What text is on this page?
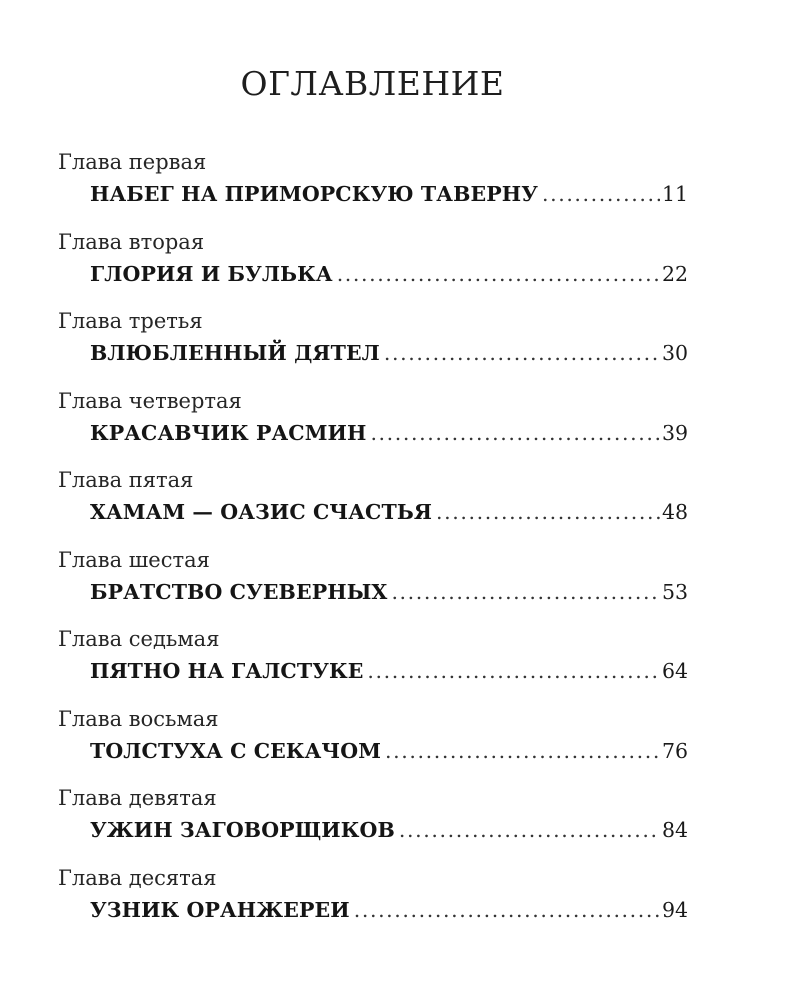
ОГЛАВЛЕНИЕ
Глава первая
НАБЕГ НА ПРИМОРСКУЮ ТАВЕРНУ .....	11
Глава вторая
ГЛОРИЯ И БУЛЬКА .....	22
Глава третья
ВЛЮБЛЕННЫЙ ДЯТЕЛ .....	30
Глава четвертая
КРАСАВЧИК РАСМИН .....	39
Глава пятая
ХАМАМ — ОАЗИС СЧАСТЬЯ .....	48
Глава шестая
БРАТСТВО СУЕВЕРНЫХ .....	53
Глава седьмая
ПЯТНО НА ГАЛСТУКЕ .....	64
Глава восьмая
ТОЛСТУХА С СЕКАЧОМ .....	76
Глава девятая
УЖИН ЗАГОВОРЩИКОВ .....	84
Глава десятая
УЗНИК ОРАНЖЕРЕИ .....	94
